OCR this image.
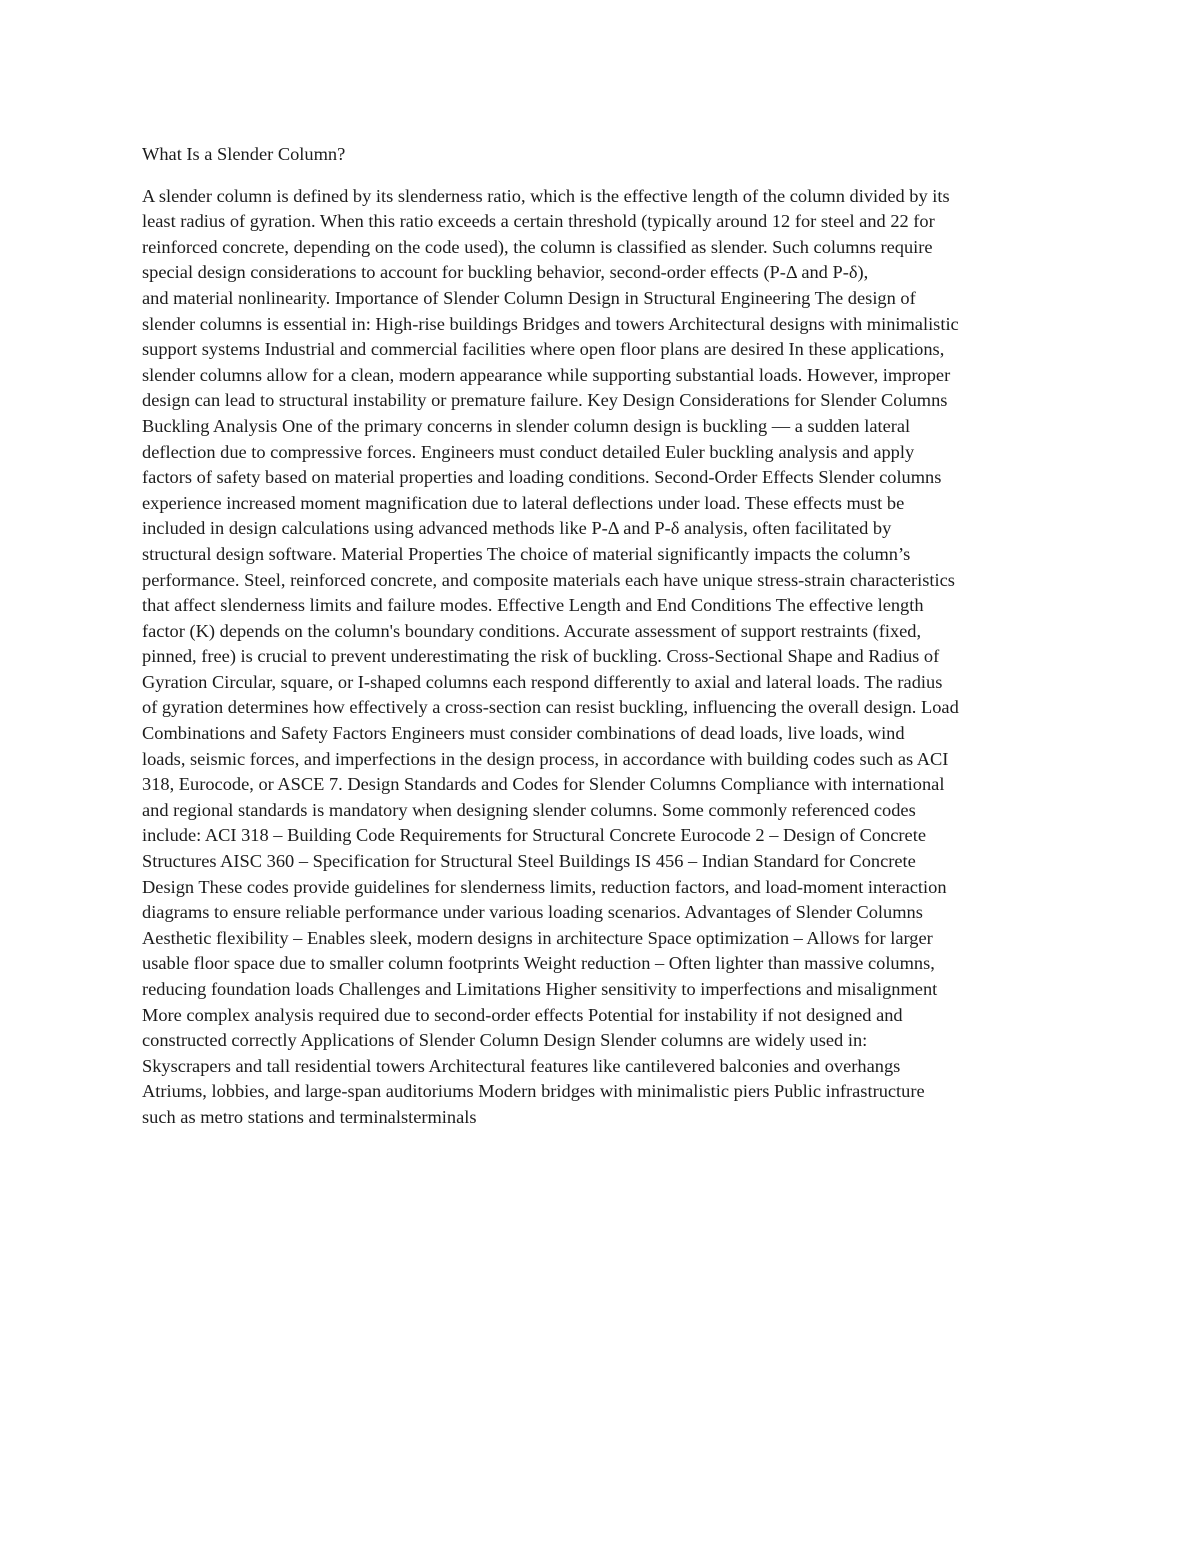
What Is a Slender Column?

A slender column is defined by its slenderness ratio, which is the effective length of the column divided by its
least radius of gyration. When this ratio exceeds a certain threshold (typically around 12 for steel and 22 for
reinforced concrete, depending on the code used), the column is classified as slender. Such columns require
special design considerations to account for buckling behavior, second-order effects (P-Δ and P-δ),
and material nonlinearity. Importance of Slender Column Design in Structural Engineering The design of
slender columns is essential in: High-rise buildings Bridges and towers Architectural designs with minimalistic
support systems Industrial and commercial facilities where open floor plans are desired In these applications,
slender columns allow for a clean, modern appearance while supporting substantial loads. However, improper
design can lead to structural instability or premature failure. Key Design Considerations for Slender Columns
Buckling Analysis One of the primary concerns in slender column design is buckling — a sudden lateral
deflection due to compressive forces. Engineers must conduct detailed Euler buckling analysis and apply
factors of safety based on material properties and loading conditions. Second-Order Effects Slender columns
experience increased moment magnification due to lateral deflections under load. These effects must be
included in design calculations using advanced methods like P-Δ and P-δ analysis, often facilitated by
structural design software. Material Properties The choice of material significantly impacts the column’s
performance. Steel, reinforced concrete, and composite materials each have unique stress-strain characteristics
that affect slenderness limits and failure modes. Effective Length and End Conditions The effective length
factor (K) depends on the column's boundary conditions. Accurate assessment of support restraints (fixed,
pinned, free) is crucial to prevent underestimating the risk of buckling. Cross-Sectional Shape and Radius of
Gyration Circular, square, or I-shaped columns each respond differently to axial and lateral loads. The radius
of gyration determines how effectively a cross-section can resist buckling, influencing the overall design. Load
Combinations and Safety Factors Engineers must consider combinations of dead loads, live loads, wind
loads, seismic forces, and imperfections in the design process, in accordance with building codes such as ACI
318, Eurocode, or ASCE 7. Design Standards and Codes for Slender Columns Compliance with international
and regional standards is mandatory when designing slender columns. Some commonly referenced codes
include: ACI 318 – Building Code Requirements for Structural Concrete Eurocode 2 – Design of Concrete
Structures AISC 360 – Specification for Structural Steel Buildings IS 456 – Indian Standard for Concrete
Design These codes provide guidelines for slenderness limits, reduction factors, and load-moment interaction
diagrams to ensure reliable performance under various loading scenarios. Advantages of Slender Columns
Aesthetic flexibility – Enables sleek, modern designs in architecture Space optimization – Allows for larger
usable floor space due to smaller column footprints Weight reduction – Often lighter than massive columns,
reducing foundation loads Challenges and Limitations Higher sensitivity to imperfections and misalignment
More complex analysis required due to second-order effects Potential for instability if not designed and
constructed correctly Applications of Slender Column Design Slender columns are widely used in:
Skyscrapers and tall residential towers Architectural features like cantilevered balconies and overhangs
Atriums, lobbies, and large-span auditoriums Modern bridges with minimalistic piers Public infrastructure
such as metro stations and terminalsterminals
